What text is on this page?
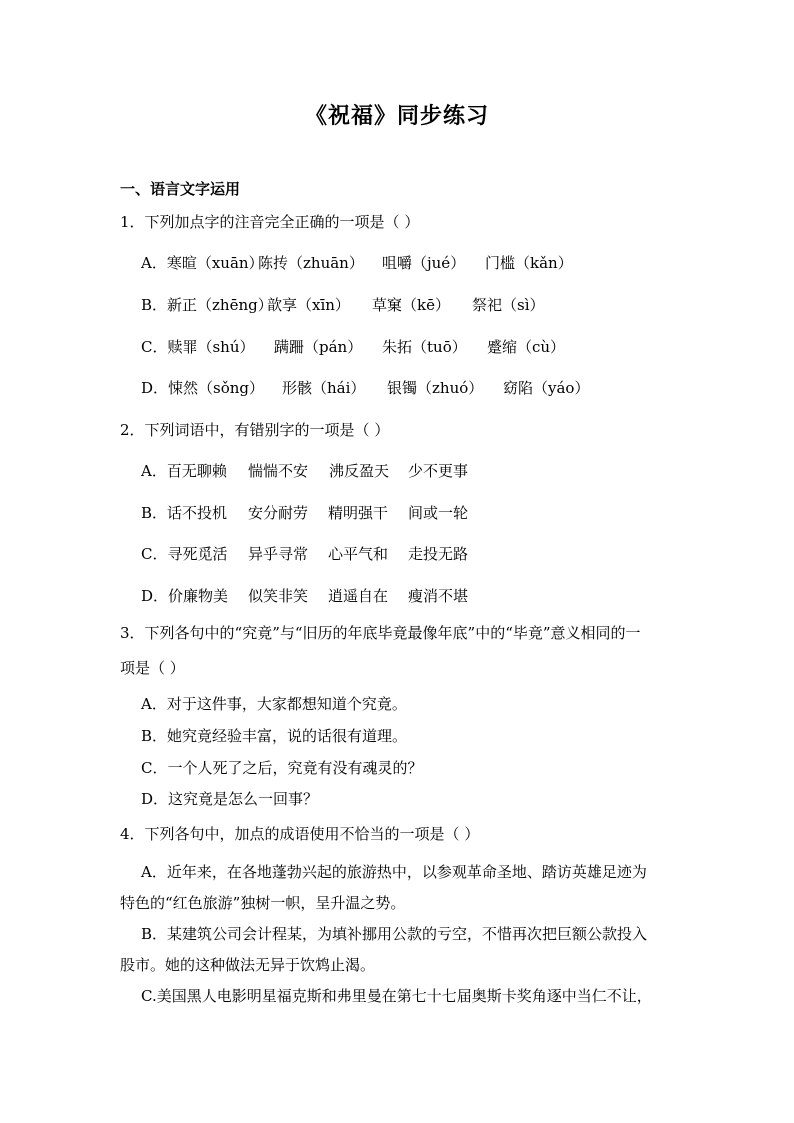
《祝福》同步练习
一、语言文字运用
1．下列加点字的注音完全正确的一项是（ ）
A．寒暄（xuān）陈抟（zhuān） 咀嚼（jué） 门槛（kǎn）
B．新正（zhēng）歆享（xīn） 草窠（kē） 祭祀（sì）
C．赎罪（shú） 蹒跚（pán） 朱拓（tuō） 蹙缩（cù）
D．悚然（sǒng） 形骸（hái） 银镯（zhuó） 窈陷（yáo）
2．下列词语中，有错别字的一项是（ ）
A．百无聊赖 惴惴不安 沸反盈天 少不更事
B．话不投机 安分耐劳 精明强干 间或一轮
C．寻死觅活 异乎寻常 心平气和 走投无路
D．价廉物美 似笑非笑 逍遥自在 瘦消不堪
3．下列各句中的“究竟”与“旧历的年底毕竟最像年底”中的“毕竟”意义相同的一
项是（ ）
A．对于这件事，大家都想知道个究竟。
B．她究竟经验丰富，说的话很有道理。
C．一个人死了之后，究竟有没有魂灵的？
D．这究竟是怎么一回事？
4．下列各句中，加点的成语使用不恰当的一项是（ ）
A．近年来，在各地蓬勃兴起的旅游热中，以参观革命圣地、踏访英雄足迹为
特色的“红色旅游”独树一帜，呈升温之势。
B．某建筑公司会计程某，为填补挪用公款的亏空，不惜再次把巨额公款投入
股市。她的这种做法无异于饮鸩止渴。
C.美国黑人电影明星福克斯和弗里曼在第七十七届奥斯卡奖角逐中当仁不让，
